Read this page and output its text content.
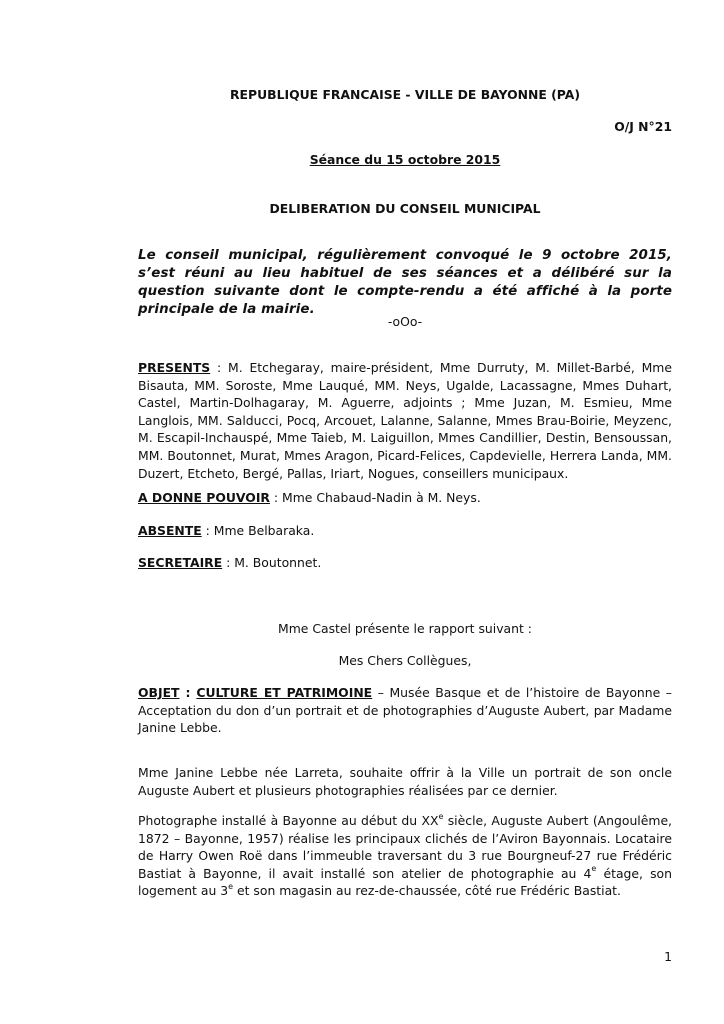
REPUBLIQUE FRANCAISE - VILLE DE BAYONNE (PA)
O/J N°21
Séance du 15 octobre 2015
DELIBERATION DU CONSEIL MUNICIPAL
Le conseil municipal, régulièrement convoqué le 9 octobre 2015, s’est réuni au lieu habituel de ses séances et a délibéré sur la question suivante dont le compte-rendu a été affiché à la porte principale de la mairie.
-oOo-
PRESENTS : M. Etchegaray, maire-président, Mme Durruty, M. Millet-Barbé, Mme Bisauta, MM. Soroste, Mme Lauqué, MM. Neys, Ugalde, Lacassagne, Mmes Duhart, Castel, Martin-Dolhagaray, M. Aguerre, adjoints ; Mme Juzan, M. Esmieu, Mme Langlois, MM. Salducci, Pocq, Arcouet, Lalanne, Salanne, Mmes Brau-Boirie, Meyzenc, M. Escapil-Inchauspé, Mme Taieb, M. Laiguillon, Mmes Candillier, Destin, Bensoussan, MM. Boutonnet, Murat, Mmes Aragon, Picard-Felices, Capdevielle, Herrera Landa, MM. Duzert, Etcheto, Bergé, Pallas, Iriart, Nogues, conseillers municipaux.
A DONNE POUVOIR : Mme Chabaud-Nadin à M. Neys.
ABSENTE : Mme Belbaraka.
SECRETAIRE : M. Boutonnet.
Mme Castel présente le rapport suivant :
Mes Chers Collègues,
OBJET : CULTURE ET PATRIMOINE – Musée Basque et de l’histoire de Bayonne – Acceptation du don d’un portrait et de photographies d’Auguste Aubert, par Madame Janine Lebbe.
Mme Janine Lebbe née Larreta, souhaite offrir à la Ville un portrait de son oncle Auguste Aubert et plusieurs photographies réalisées par ce dernier.
Photographe installé à Bayonne au début du XXe siècle, Auguste Aubert (Angoulême, 1872 – Bayonne, 1957) réalise les principaux clichés de l’Aviron Bayonnais. Locataire de Harry Owen Roë dans l’immeuble traversant du 3 rue Bourgneuf-27 rue Frédéric Bastiat à Bayonne, il avait installé son atelier de photographie au 4e étage, son logement au 3e et son magasin au rez-de-chaussée, côté rue Frédéric Bastiat.
1
